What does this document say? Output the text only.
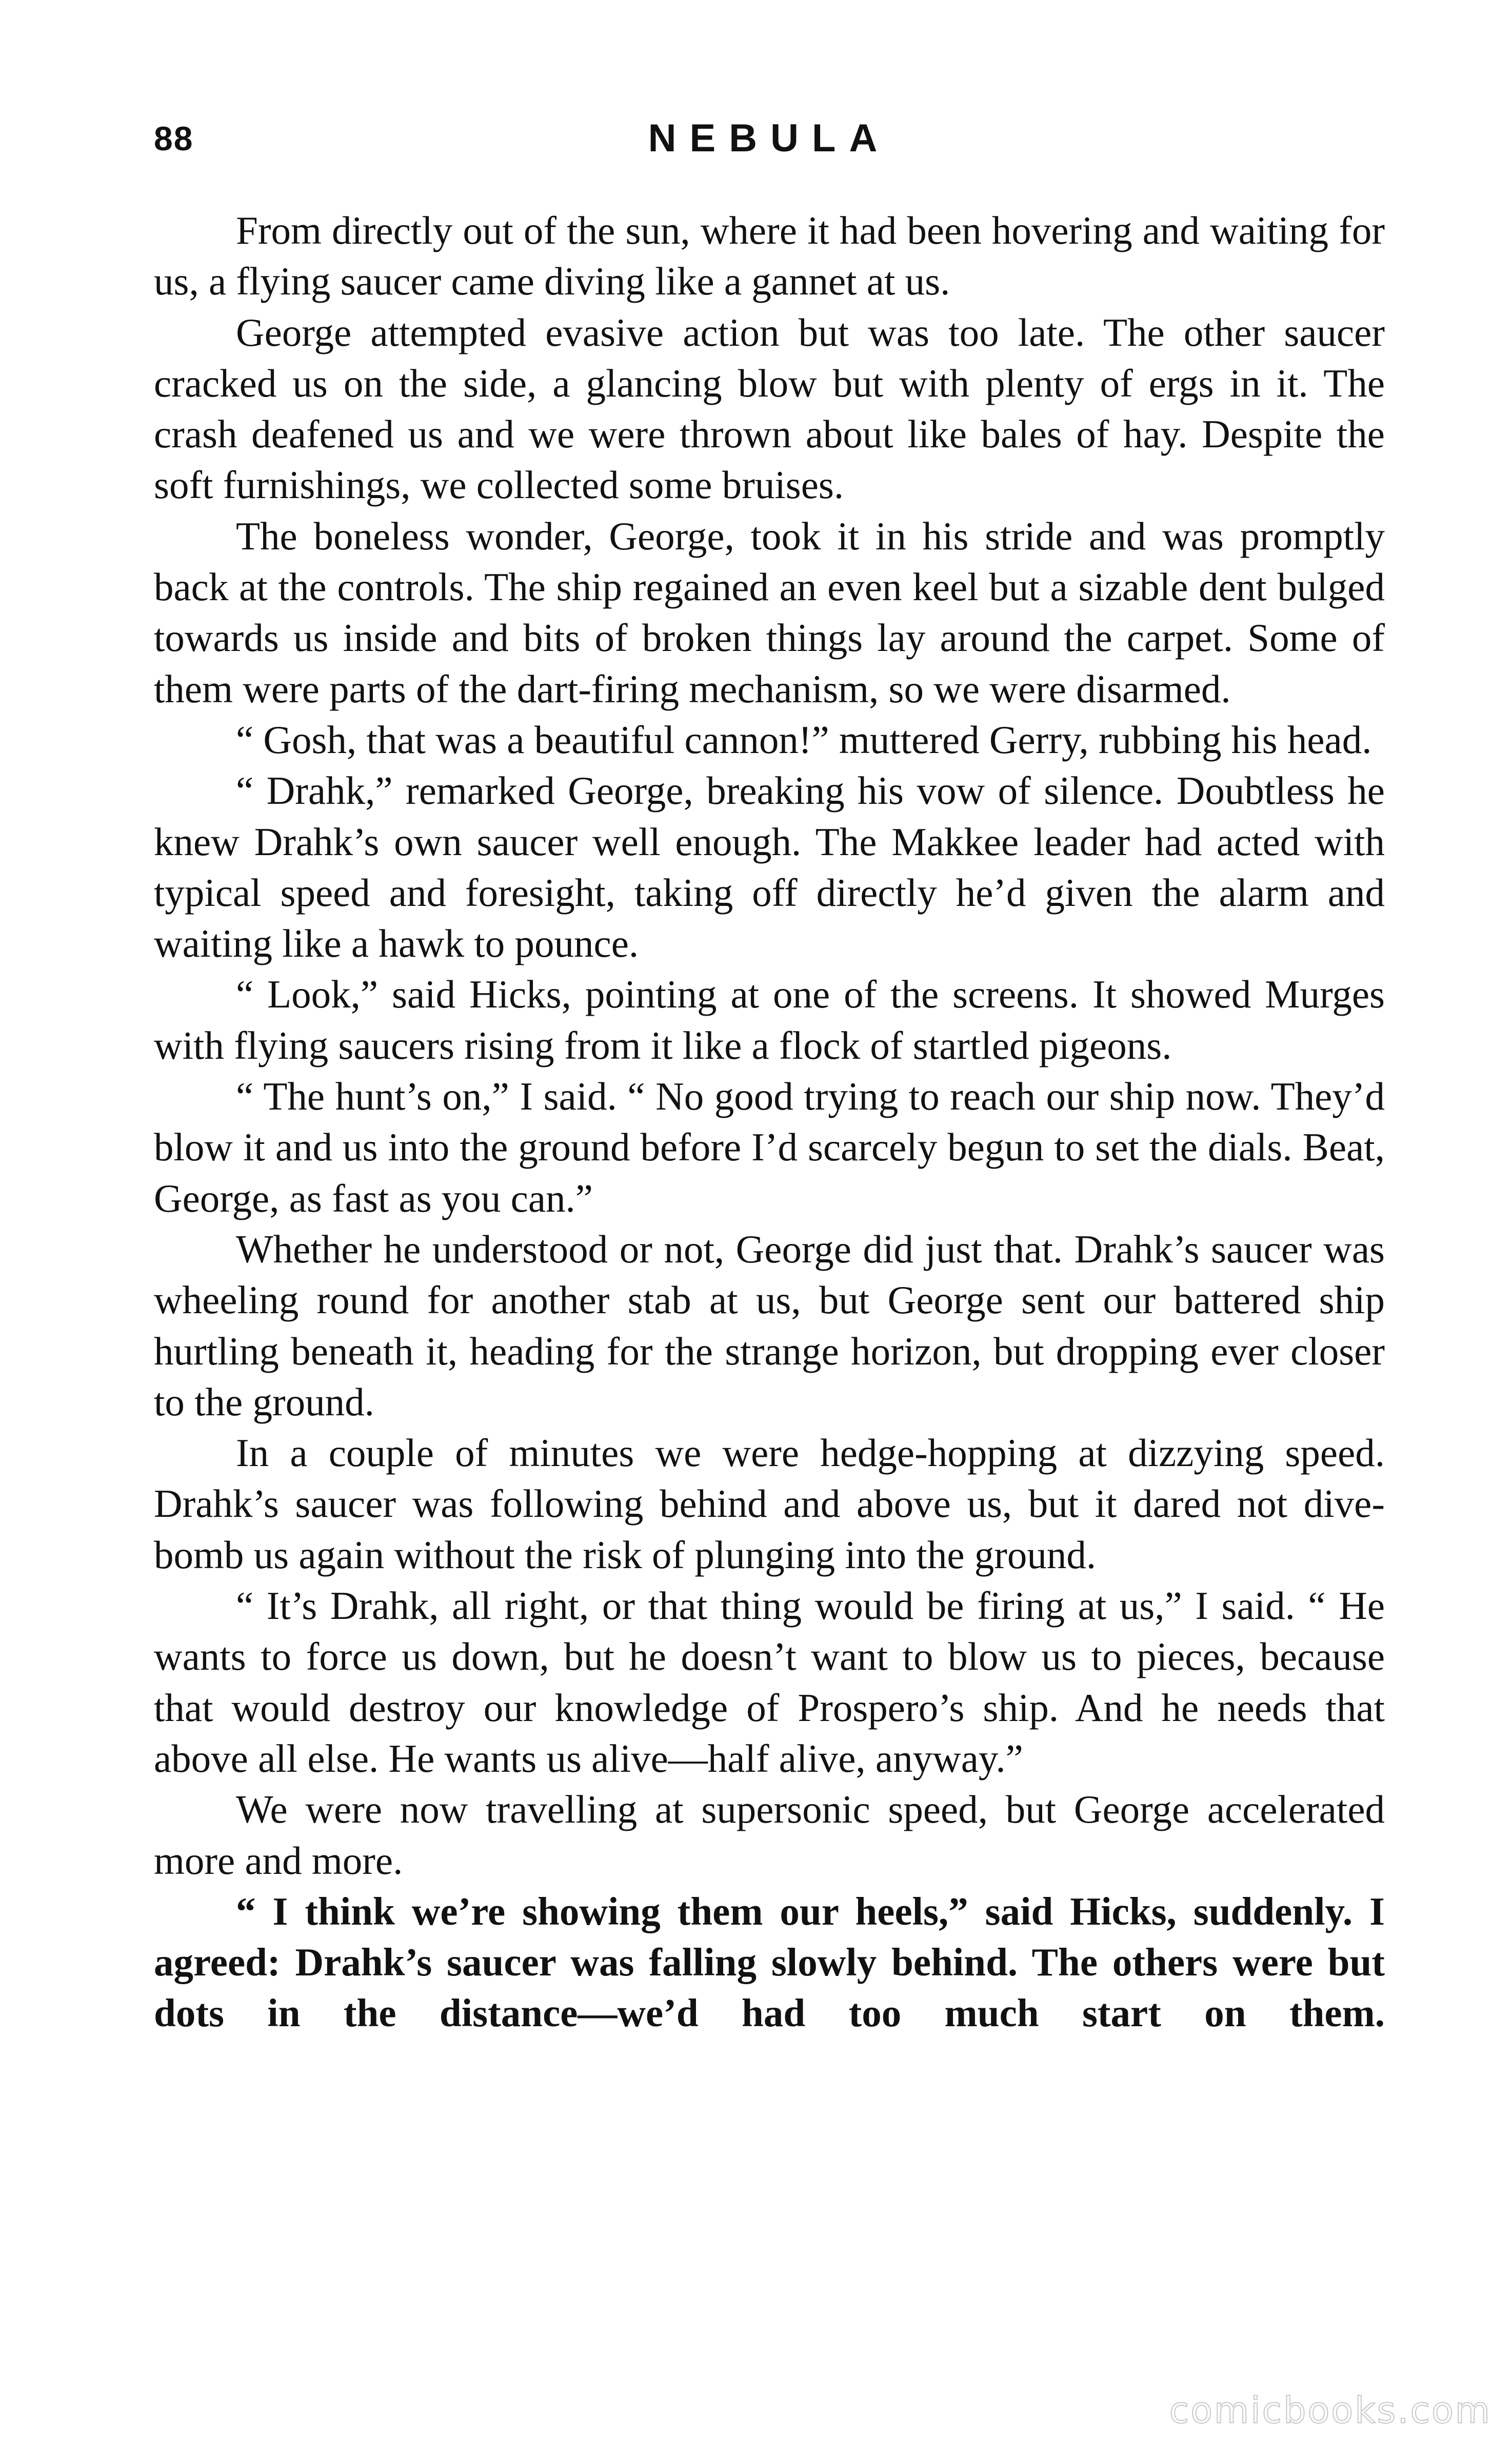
88	NEBULA

From directly out of the sun, where it had been hovering and waiting for us, a flying saucer came diving like a gannet at us.

George attempted evasive action but was too late. The other saucer cracked us on the side, a glancing blow but with plenty of ergs in it. The crash deafened us and we were thrown about like bales of hay. Despite the soft furnishings, we collected some bruises.

The boneless wonder, George, took it in his stride and was promptly back at the controls. The ship regained an even keel but a sizable dent bulged towards us inside and bits of broken things lay around the carpet. Some of them were parts of the dart-firing mechanism, so we were disarmed.

“ Gosh, that was a beautiful cannon!” muttered Gerry, rubbing his head.

“ Drahk,” remarked George, breaking his vow of silence. Doubtless he knew Drahk’s own saucer well enough. The Makkee leader had acted with typical speed and foresight, taking off directly he’d given the alarm and waiting like a hawk to pounce.

“ Look,” said Hicks, pointing at one of the screens. It showed Murges with flying saucers rising from it like a flock of startled pigeons.

“ The hunt’s on,” I said. “ No good trying to reach our ship now. They’d blow it and us into the ground before I’d scarcely begun to set the dials. Beat, George, as fast as you can.”

Whether he understood or not, George did just that. Drahk’s saucer was wheeling round for another stab at us, but George sent our battered ship hurtling beneath it, heading for the strange horizon, but dropping ever closer to the ground.

In a couple of minutes we were hedge-hopping at dizzying speed. Drahk’s saucer was following behind and above us, but it dared not dive-bomb us again without the risk of plunging into the ground.

“ It’s Drahk, all right, or that thing would be firing at us,” I said. “ He wants to force us down, but he doesn’t want to blow us to pieces, because that would destroy our knowledge of Prospero’s ship. And he needs that above all else. He wants us alive—half alive, anyway.”

We were now travelling at supersonic speed, but George accelerated more and more.

“ I think we’re showing them our heels,” said Hicks, suddenly. I agreed: Drahk’s saucer was falling slowly behind. The others were but dots in the distance—we’d had too much start on them.

comicbooks.com
